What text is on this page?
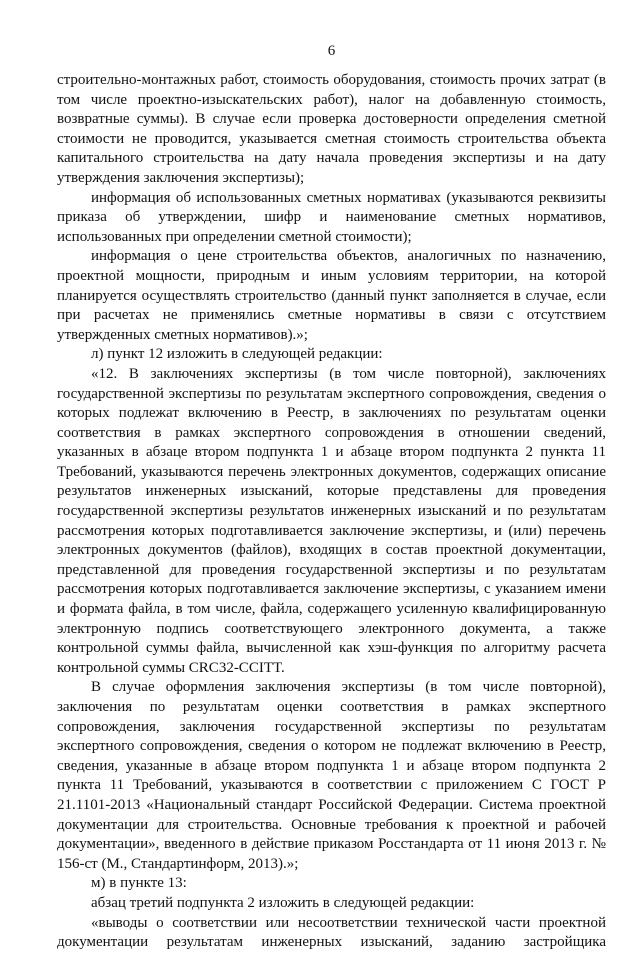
6

строительно-монтажных работ, стоимость оборудования, стоимость прочих затрат (в том числе проектно-изыскательских работ), налог на добавленную стоимость, возвратные суммы). В случае если проверка достоверности определения сметной стоимости не проводится, указывается сметная стоимость строительства объекта капитального строительства на дату начала проведения экспертизы и на дату утверждения заключения экспертизы);

информация об использованных сметных нормативах (указываются реквизиты приказа об утверждении, шифр и наименование сметных нормативов, использованных при определении сметной стоимости);

информация о цене строительства объектов, аналогичных по назначению, проектной мощности, природным и иным условиям территории, на которой планируется осуществлять строительство (данный пункт заполняется в случае, если при расчетах не применялись сметные нормативы в связи с отсутствием утвержденных сметных нормативов).»;

л) пункт 12 изложить в следующей редакции:

«12. В заключениях экспертизы (в том числе повторной), заключениях государственной экспертизы по результатам экспертного сопровождения, сведения о которых подлежат включению в Реестр, в заключениях по результатам оценки соответствия в рамках экспертного сопровождения в отношении сведений, указанных в абзаце втором подпункта 1 и абзаце втором подпункта 2 пункта 11 Требований, указываются перечень электронных документов, содержащих описание результатов инженерных изысканий, которые представлены для проведения государственной экспертизы результатов инженерных изысканий и по результатам рассмотрения которых подготавливается заключение экспертизы, и (или) перечень электронных документов (файлов), входящих в состав проектной документации, представленной для проведения государственной экспертизы и по результатам рассмотрения которых подготавливается заключение экспертизы, с указанием имени и формата файла, в том числе, файла, содержащего усиленную квалифицированную электронную подпись соответствующего электронного документа, а также контрольной суммы файла, вычисленной как хэш-функция по алгоритму расчета контрольной суммы CRC32-CCITT.

В случае оформления заключения экспертизы (в том числе повторной), заключения по результатам оценки соответствия в рамках экспертного сопровождения, заключения государственной экспертизы по результатам экспертного сопровождения, сведения о котором не подлежат включению в Реестр, сведения, указанные в абзаце втором подпункта 1 и абзаце втором подпункта 2 пункта 11 Требований, указываются в соответствии с приложением С ГОСТ Р 21.1101-2013 «Национальный стандарт Российской Федерации. Система проектной документации для строительства. Основные требования к проектной и рабочей документации», введенного в действие приказом Росстандарта от 11 июня 2013 г. № 156-ст (М., Стандартинформ, 2013).»;

м) в пункте 13:

абзац третий подпункта 2 изложить в следующей редакции:

«выводы о соответствии или несоответствии технической части проектной документации результатам инженерных изысканий, заданию застройщика
